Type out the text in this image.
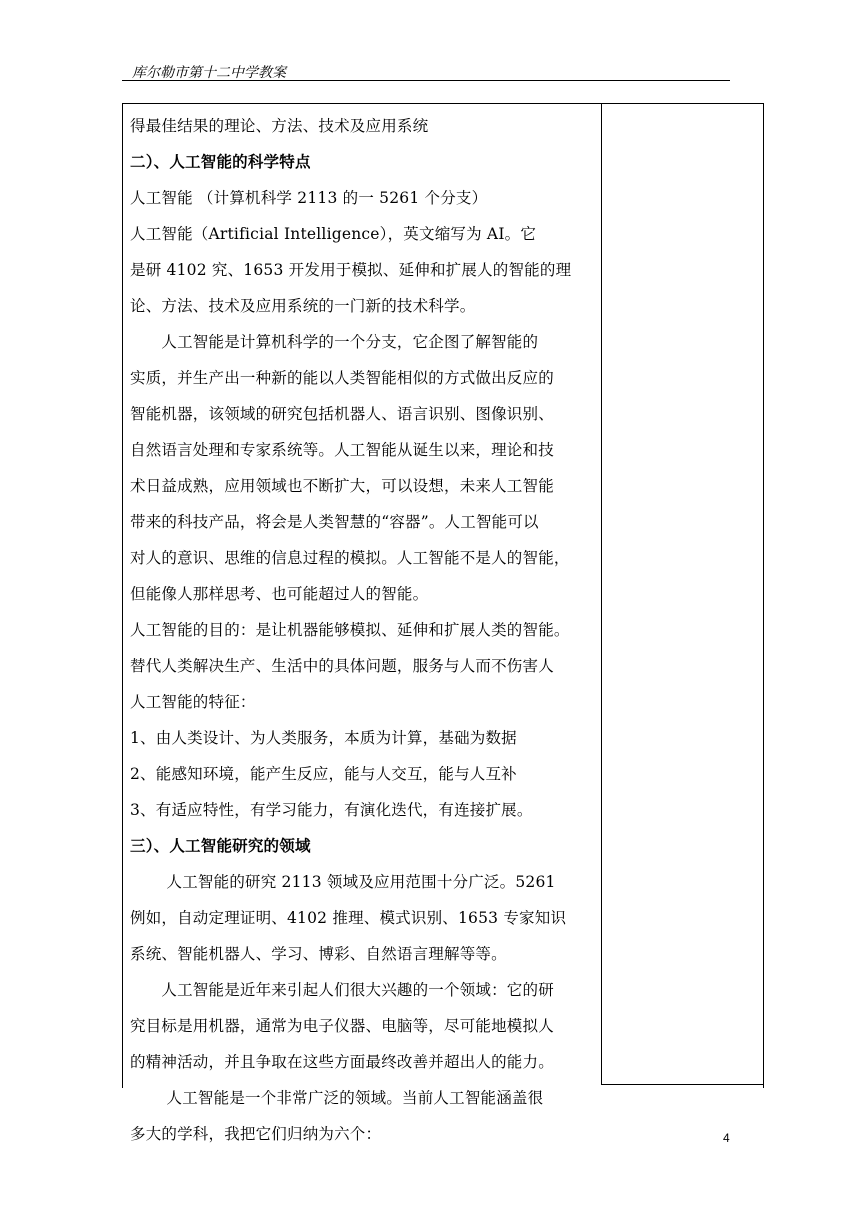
库尔勒市第十二中学教案
得最佳结果的理论、方法、技术及应用系统
二）、人工智能的科学特点
人工智能 （计算机科学 2113 的一 5261 个分支）
人工智能（Artificial Intelligence），英文缩写为 AI。它
是研 4102 究、1653 开发用于模拟、延伸和扩展人的智能的理
论、方法、技术及应用系统的一门新的技术科学。
　　人工智能是计算机科学的一个分支，它企图了解智能的
实质，并生产出一种新的能以人类智能相似的方式做出反应的
智能机器，该领域的研究包括机器人、语言识别、图像识别、
自然语言处理和专家系统等。人工智能从诞生以来，理论和技
术日益成熟，应用领域也不断扩大，可以设想，未来人工智能
带来的科技产品，将会是人类智慧的“容器”。人工智能可以
对人的意识、思维的信息过程的模拟。人工智能不是人的智能，
但能像人那样思考、也可能超过人的智能。
人工智能的目的：是让机器能够模拟、延伸和扩展人类的智能。
替代人类解决生产、生活中的具体问题，服务与人而不伤害人
人工智能的特征：
1、由人类设计、为人类服务，本质为计算，基础为数据
2、能感知环境，能产生反应，能与人交互，能与人互补
3、有适应特性，有学习能力，有演化迭代，有连接扩展。
三）、人工智能研究的领域
　　 人工智能的研究 2113 领域及应用范围十分广泛。5261
例如，自动定理证明、4102 推理、模式识别、1653 专家知识
系统、智能机器人、学习、博彩、自然语言理解等等。
　　人工智能是近年来引起人们很大兴趣的一个领域：它的研
究目标是用机器，通常为电子仪器、电脑等，尽可能地模拟人
的精神活动，并且争取在这些方面最终改善并超出人的能力。
　　 人工智能是一个非常广泛的领域。当前人工智能涵盖很
多大的学科，我把它们归纳为六个：	4
